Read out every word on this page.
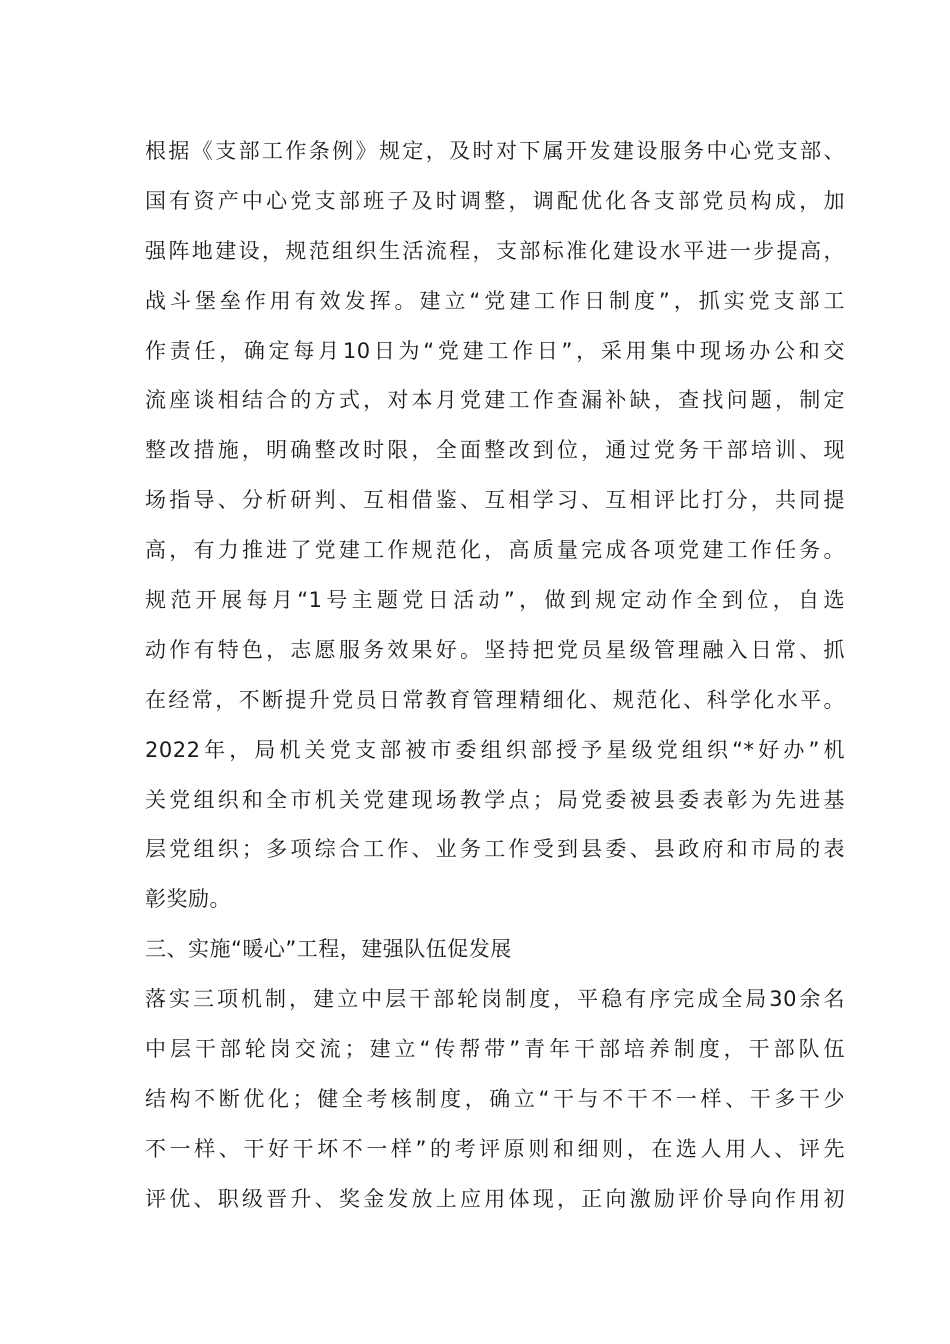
根据《支部工作条例》规定，及时对下属开发建设服务中心党支部、
国有资产中心党支部班子及时调整，调配优化各支部党员构成，加
强阵地建设，规范组织生活流程，支部标准化建设水平进一步提高，
战斗堡垒作用有效发挥。建立“党建工作日制度”，抓实党支部工
作责任，确定每月10日为“党建工作日”，采用集中现场办公和交
流座谈相结合的方式，对本月党建工作查漏补缺，查找问题，制定
整改措施，明确整改时限，全面整改到位，通过党务干部培训、现
场指导、分析研判、互相借鉴、互相学习、互相评比打分，共同提
高，有力推进了党建工作规范化，高质量完成各项党建工作任务。
规范开展每月“1号主题党日活动”，做到规定动作全到位，自选
动作有特色，志愿服务效果好。坚持把党员星级管理融入日常、抓
在经常，不断提升党员日常教育管理精细化、规范化、科学化水平。
2022年，局机关党支部被市委组织部授予星级党组织“*好办”机
关党组织和全市机关党建现场教学点；局党委被县委表彰为先进基
层党组织；多项综合工作、业务工作受到县委、县政府和市局的表
彰奖励。
三、实施“暖心”工程，建强队伍促发展
落实三项机制，建立中层干部轮岗制度，平稳有序完成全局30余名
中层干部轮岗交流；建立“传帮带”青年干部培养制度，干部队伍
结构不断优化；健全考核制度，确立“干与不干不一样、干多干少
不一样、干好干坏不一样”的考评原则和细则，在选人用人、评先
评优、职级晋升、奖金发放上应用体现，正向激励评价导向作用初
